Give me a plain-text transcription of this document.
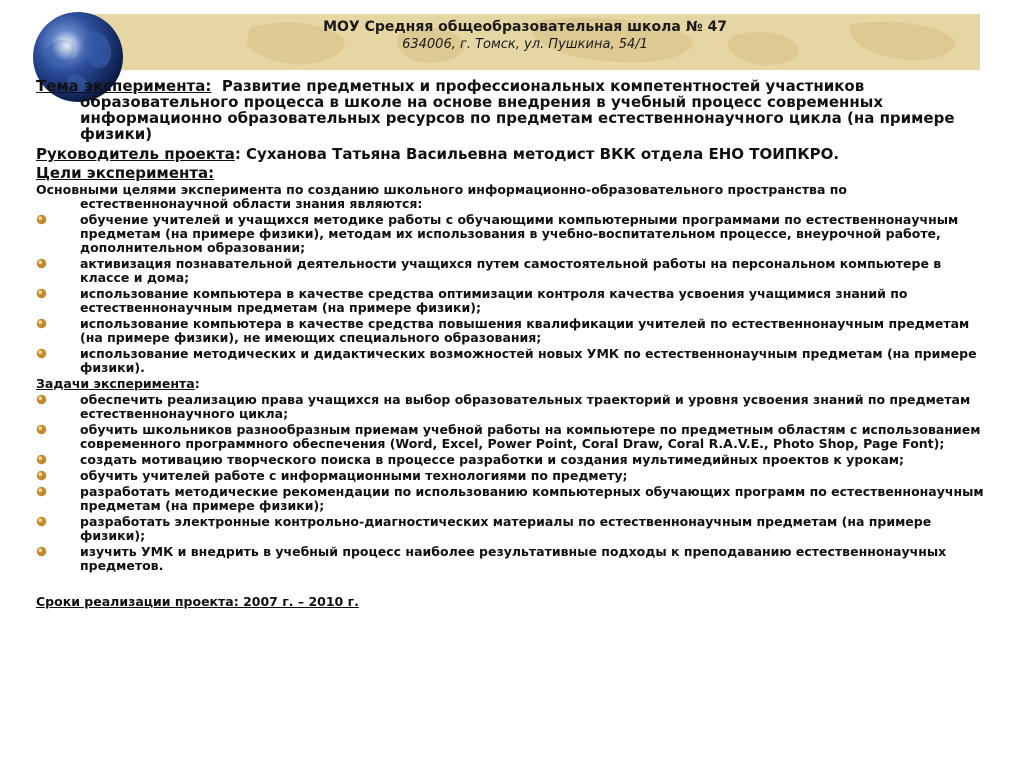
МОУ Средняя общеобразовательная школа № 47
634006, г. Томск, ул. Пушкина, 54/1
Тема эксперимента: Развитие предметных и профессиональных компетентностей участников
образовательного процесса в школе на основе внедрения в учебный процесс современных информационно образовательных ресурсов по предметам естественнонаучного цикла (на примере физики)
Руководитель проекта: Суханова Татьяна Васильевна методист ВКК отдела ЕНО ТОИПКРО.
Цели эксперимента:
Основными целями эксперимента по созданию школьного информационно-образовательного пространства по
естественнонаучной области знания являются:
обучение учителей и учащихся методике работы с обучающими компьютерными программами по естественнонаучным предметам (на примере физики), методам их использования в учебно-воспитательном процессе, внеурочной работе, дополнительном образовании;
активизация познавательной деятельности учащихся путем самостоятельной работы на персональном компьютере в классе и дома;
использование компьютера в качестве средства оптимизации контроля качества усвоения учащимися знаний по естественнонаучным предметам (на примере физики);
использование компьютера в качестве средства повышения квалификации учителей по естественнонаучным предметам (на примере физики), не имеющих специального образования;
использование методических и дидактических возможностей новых УМК по естественнонаучным предметам (на примере физики).
Задачи эксперимента:
обеспечить реализацию права учащихся на выбор образовательных траекторий и уровня усвоения знаний по предметам естественнонаучного цикла;
обучить школьников разнообразным приемам учебной работы на компьютере по предметным областям с использованием современного программного обеспечения (Word, Excel, Power Point, Coral Draw, Coral R.A.V.E., Photo Shop, Page Font);
создать мотивацию творческого поиска в процессе разработки и создания мультимедийных проектов к урокам;
обучить учителей работе с информационными технологиями по предмету;
разработать методические рекомендации по использованию компьютерных обучающих программ по естественнонаучным предметам (на примере физики);
разработать электронные контрольно-диагностических материалы по естественнонаучным предметам (на примере физики);
изучить УМК и внедрить в учебный процесс наиболее результативные подходы к преподаванию естественнонаучных предметов.
Сроки реализации проекта: 2007 г. – 2010 г.
